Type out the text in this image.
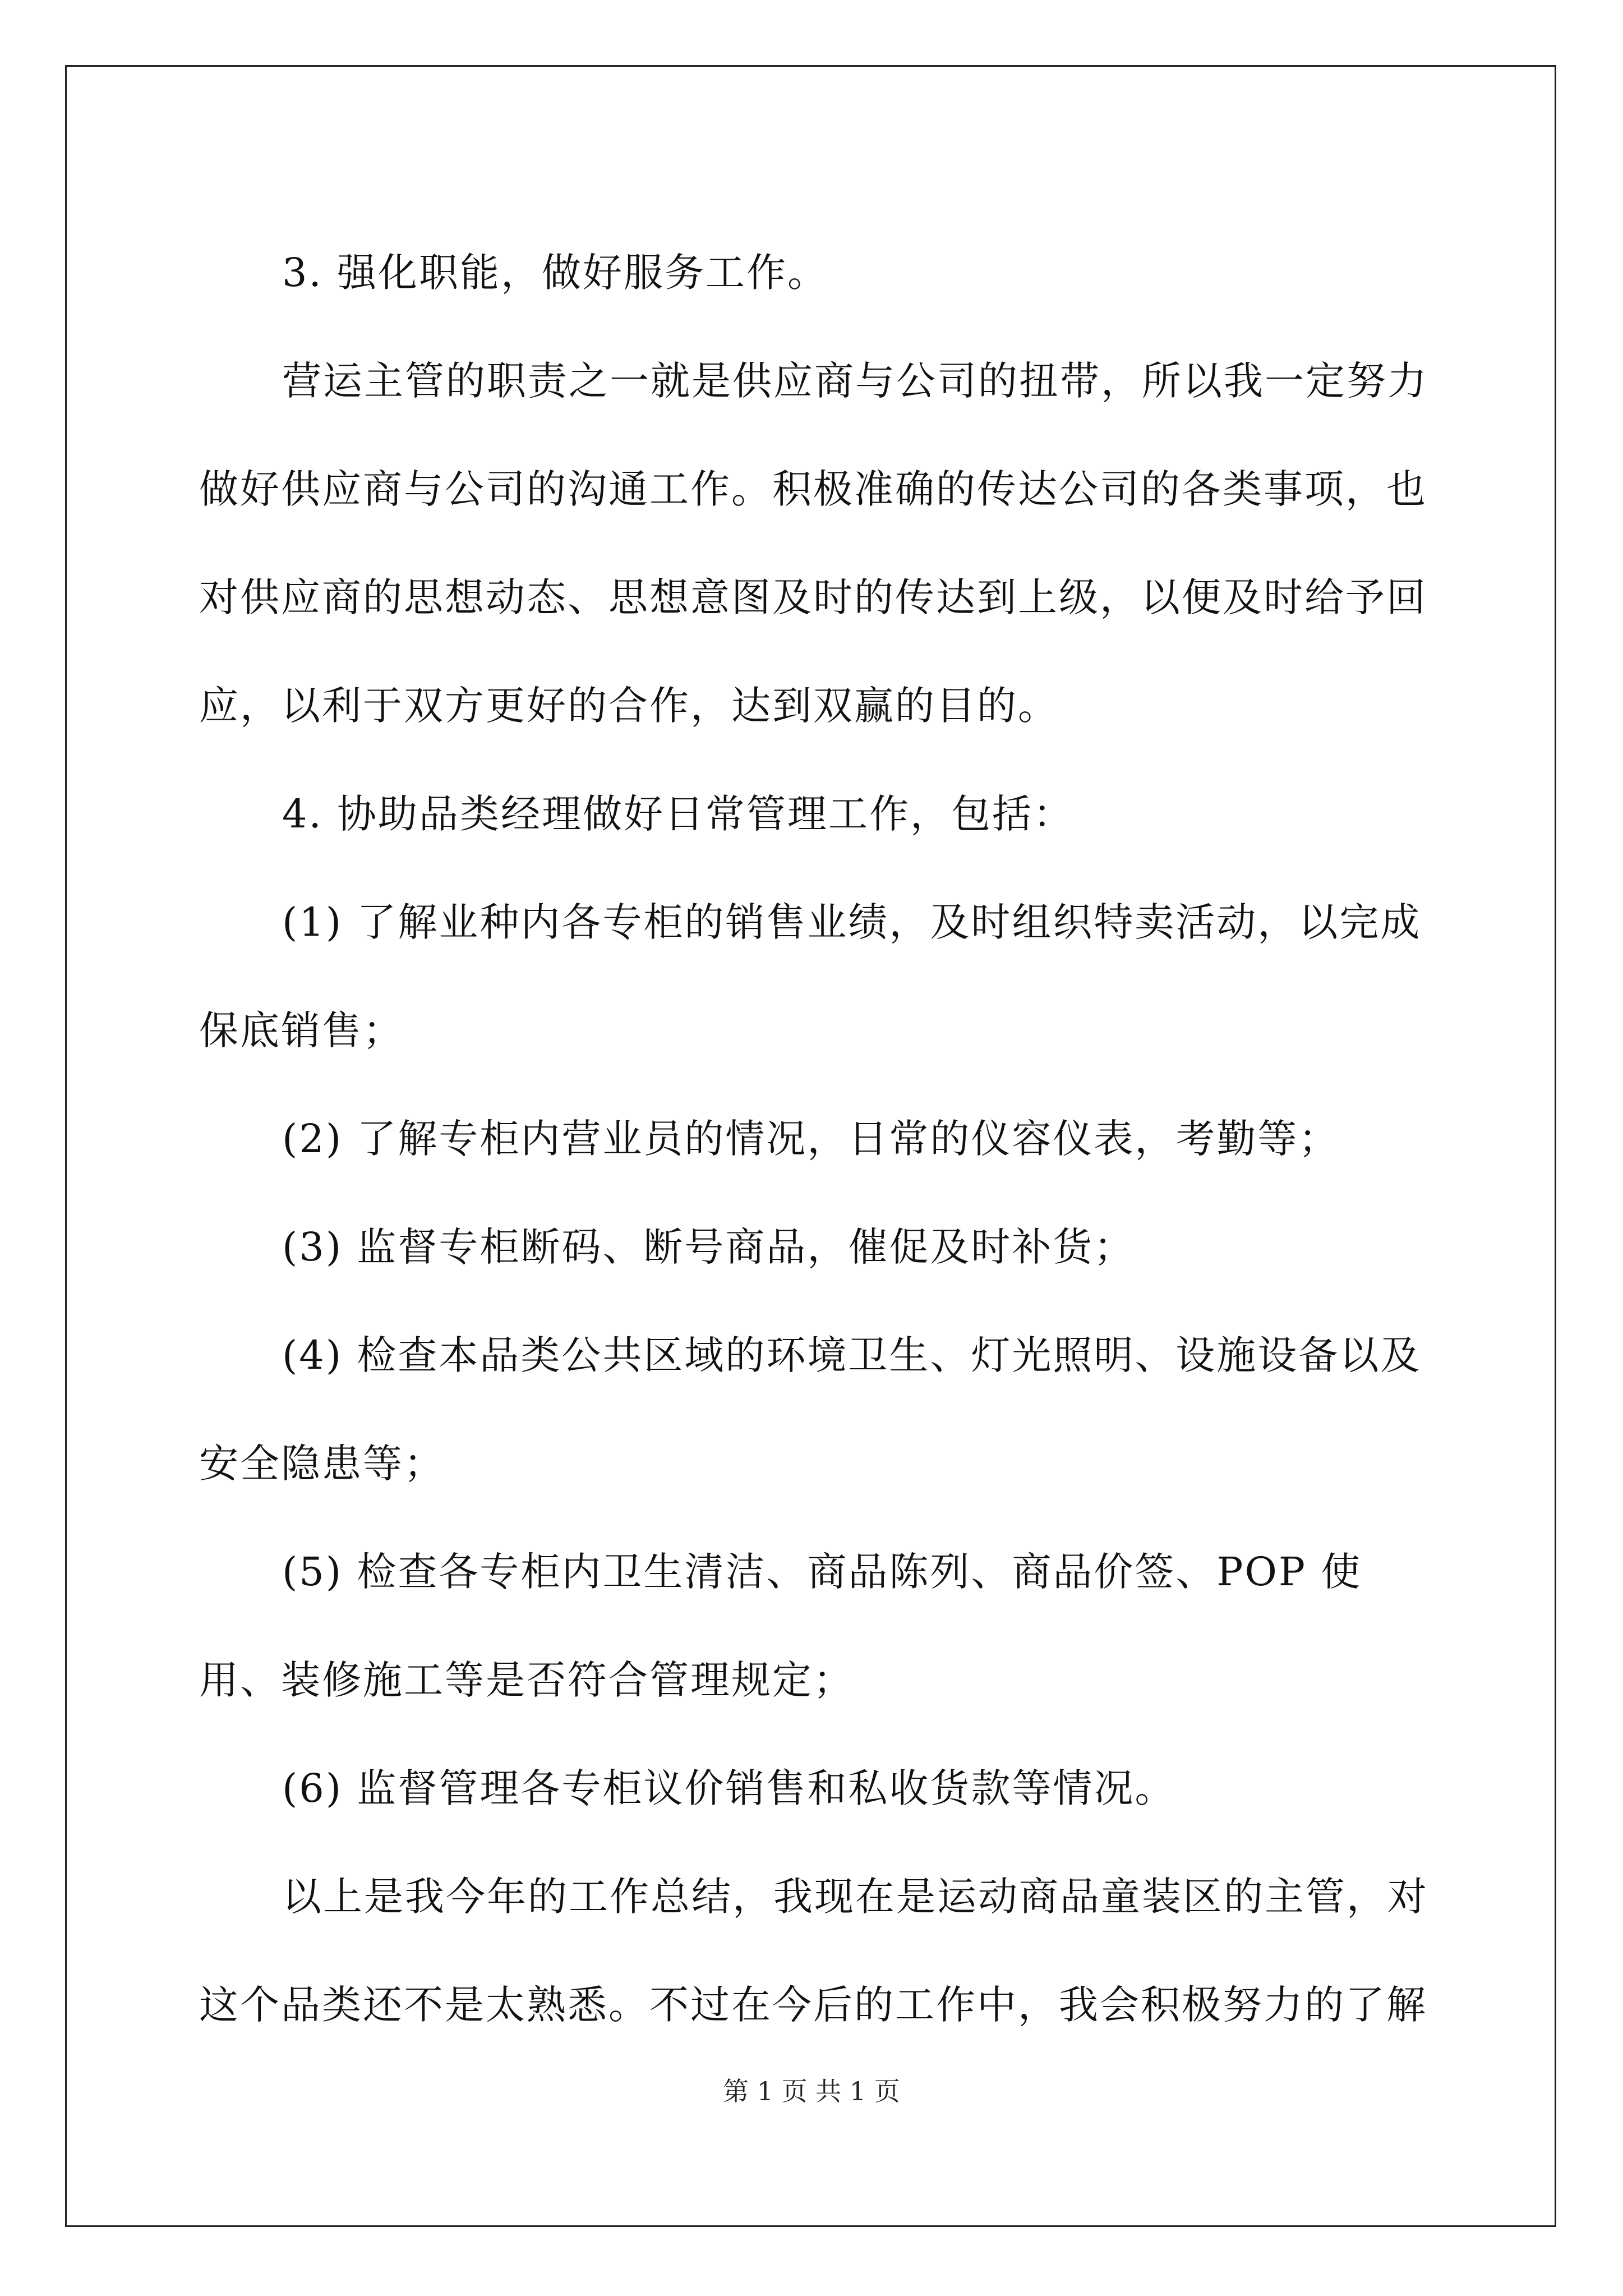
3. 强化职能，做好服务工作。

营运主管的职责之一就是供应商与公司的扭带，所以我一定努力做好供应商与公司的沟通工作。积极准确的传达公司的各类事项，也对供应商的思想动态、思想意图及时的传达到上级，以便及时给予回应，以利于双方更好的合作，达到双赢的目的。

4. 协助品类经理做好日常管理工作，包括：

(1) 了解业种内各专柜的销售业绩，及时组织特卖活动，以完成保底销售；

(2) 了解专柜内营业员的情况，日常的仪容仪表，考勤等；

(3) 监督专柜断码、断号商品，催促及时补货；

(4) 检查本品类公共区域的环境卫生、灯光照明、设施设备以及安全隐患等；

(5) 检查各专柜内卫生清洁、商品陈列、商品价签、POP 使用、装修施工等是否符合管理规定；

(6) 监督管理各专柜议价销售和私收货款等情况。

以上是我今年的工作总结，我现在是运动商品童装区的主管，对这个品类还不是太熟悉。不过在今后的工作中，我会积极努力的了解

第 1 页 共 1 页
